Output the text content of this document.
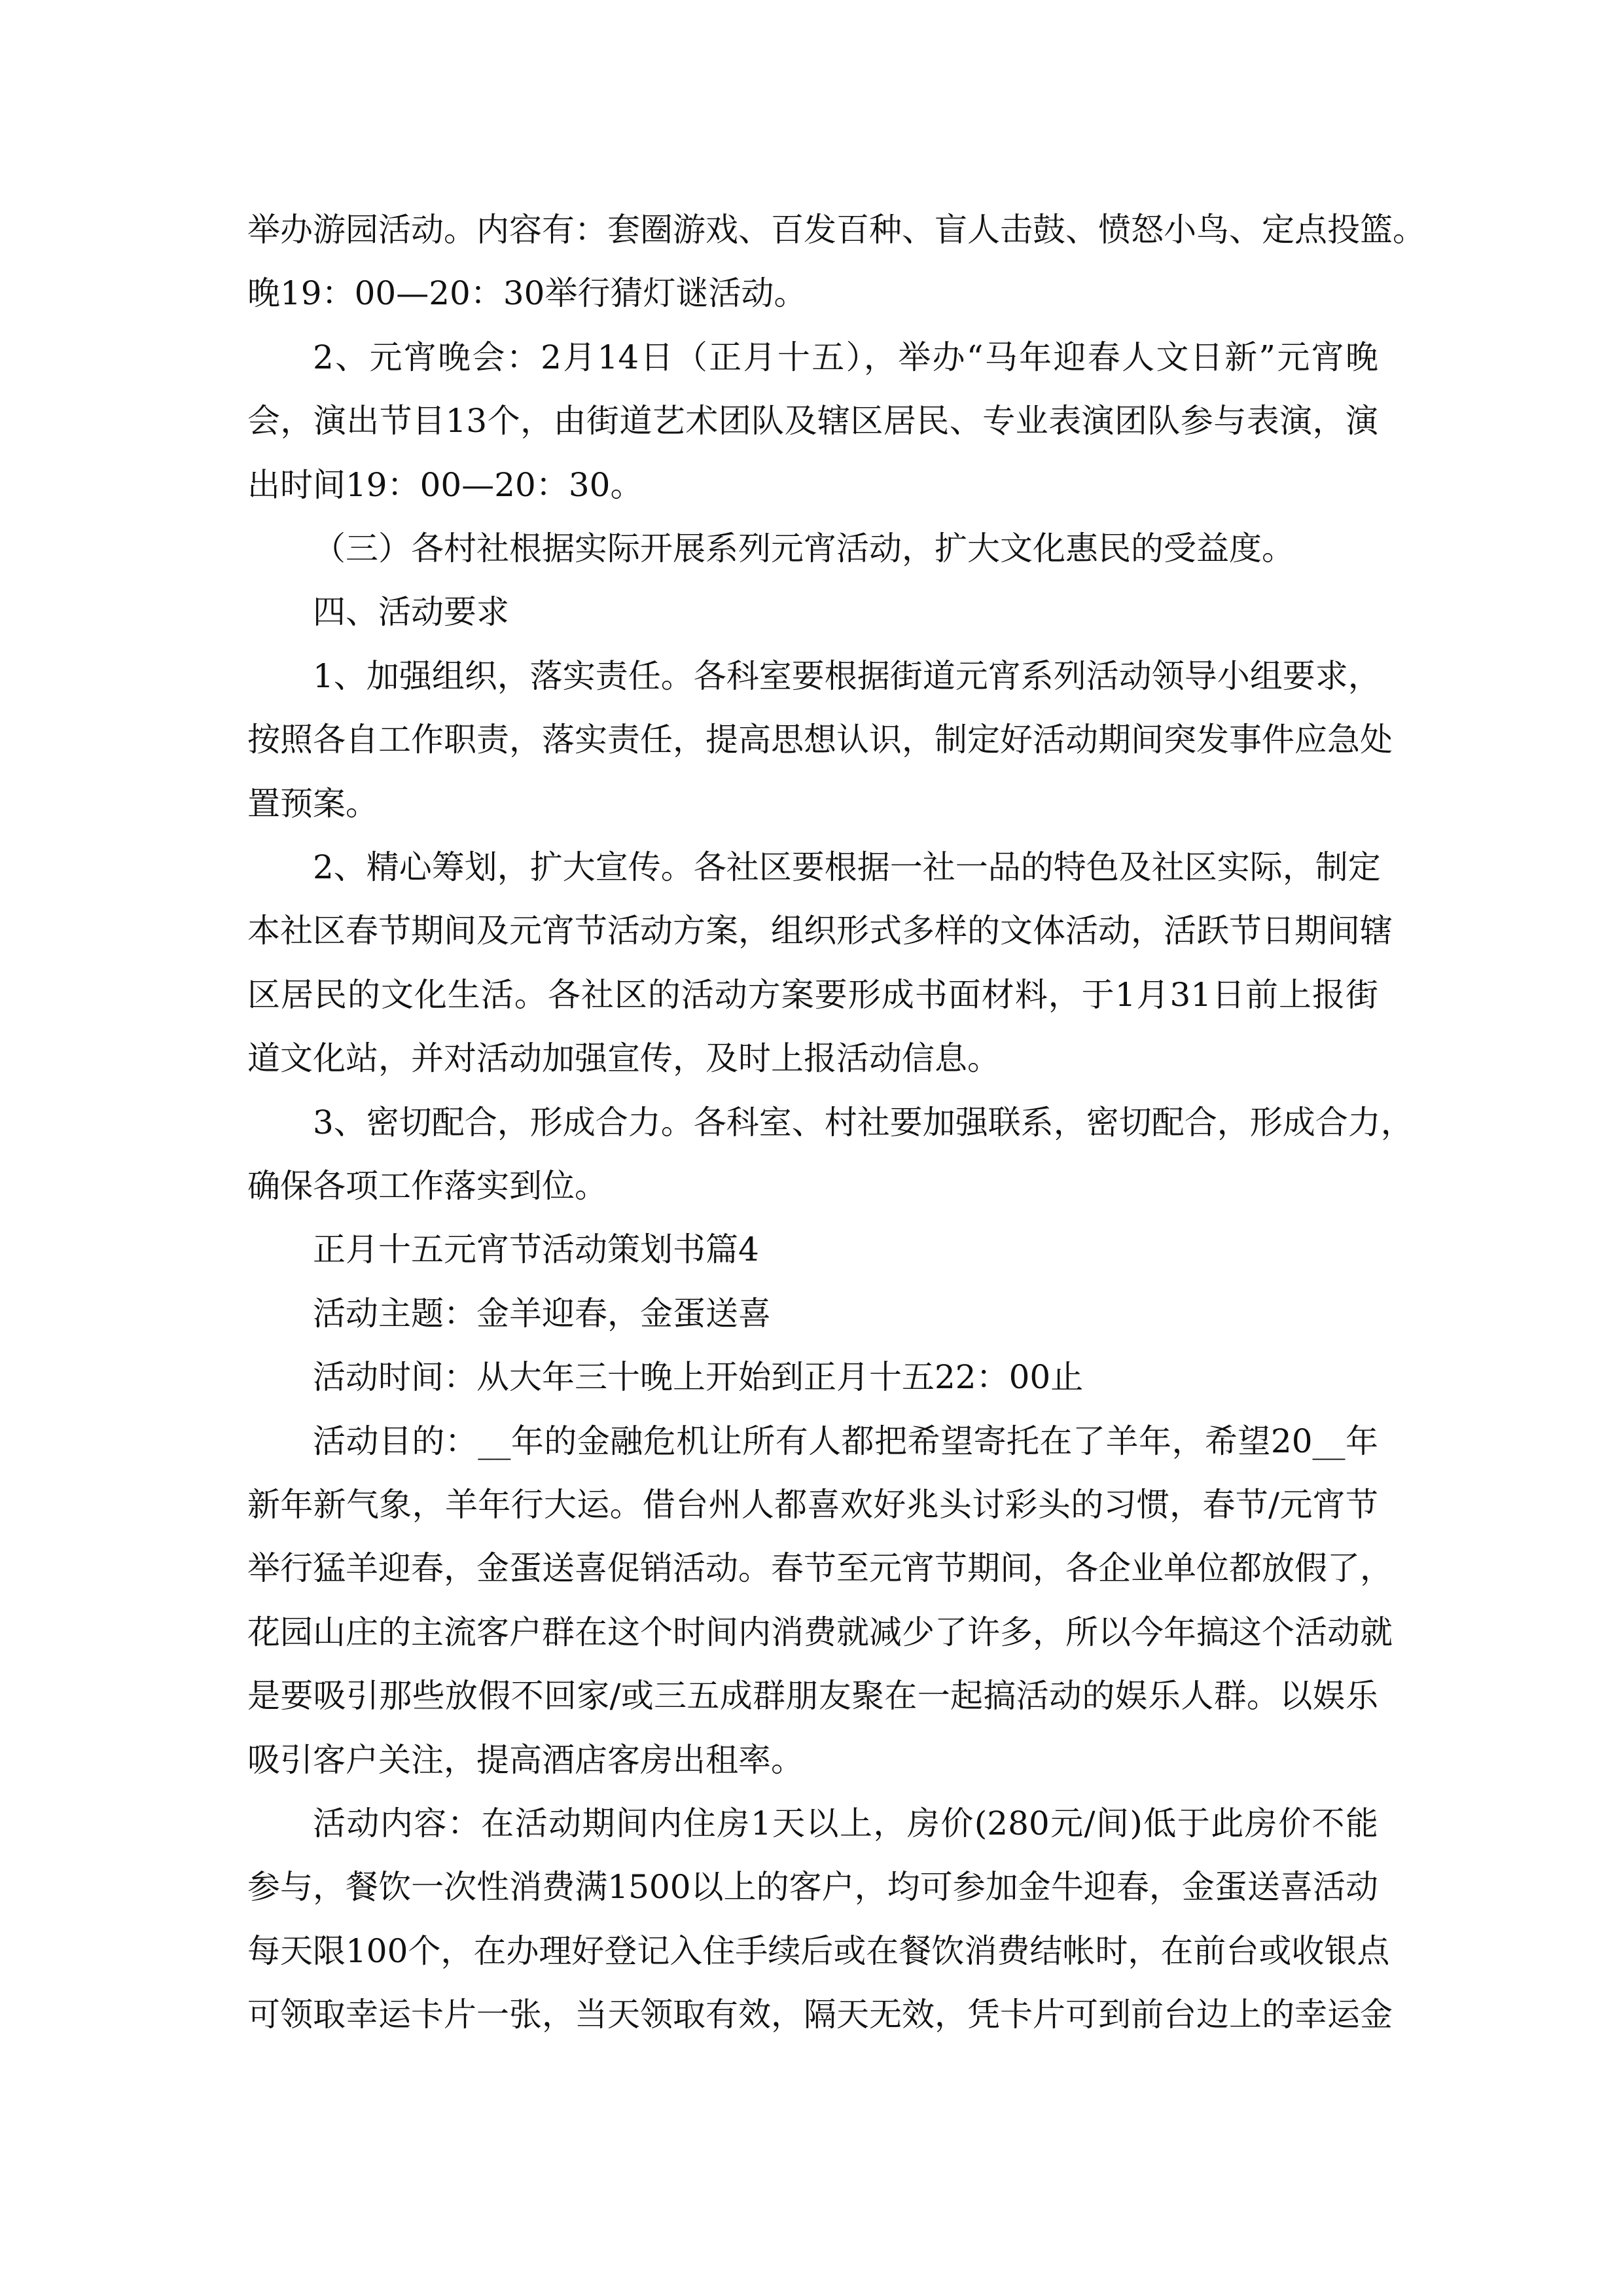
举办游园活动。内容有：套圈游戏、百发百种、盲人击鼓、愤怒小鸟、定点投篮。
晚19：00—20：30举行猜灯谜活动。
2、元宵晚会：2月14日（正月十五），举办“马年迎春人文日新”元宵晚
会，演出节目13个，由街道艺术团队及辖区居民、专业表演团队参与表演，演
出时间19：00—20：30。
（三）各村社根据实际开展系列元宵活动，扩大文化惠民的受益度。
四、活动要求
1、加强组织，落实责任。各科室要根据街道元宵系列活动领导小组要求，
按照各自工作职责，落实责任，提高思想认识，制定好活动期间突发事件应急处
置预案。
2、精心筹划，扩大宣传。各社区要根据一社一品的特色及社区实际，制定
本社区春节期间及元宵节活动方案，组织形式多样的文体活动，活跃节日期间辖
区居民的文化生活。各社区的活动方案要形成书面材料，于1月31日前上报街
道文化站，并对活动加强宣传，及时上报活动信息。
3、密切配合，形成合力。各科室、村社要加强联系，密切配合，形成合力，
确保各项工作落实到位。
正月十五元宵节活动策划书篇4
活动主题：金羊迎春，金蛋送喜
活动时间：从大年三十晚上开始到正月十五22：00止
活动目的：__年的金融危机让所有人都把希望寄托在了羊年，希望20__年
新年新气象，羊年行大运。借台州人都喜欢好兆头讨彩头的习惯，春节/元宵节
举行猛羊迎春，金蛋送喜促销活动。春节至元宵节期间，各企业单位都放假了，
花园山庄的主流客户群在这个时间内消费就减少了许多，所以今年搞这个活动就
是要吸引那些放假不回家/或三五成群朋友聚在一起搞活动的娱乐人群。以娱乐
吸引客户关注，提高酒店客房出租率。
活动内容：在活动期间内住房1天以上，房价(280元/间)低于此房价不能
参与，餐饮一次性消费满1500以上的客户，均可参加金牛迎春，金蛋送喜活动
每天限100个，在办理好登记入住手续后或在餐饮消费结帐时，在前台或收银点
可领取幸运卡片一张，当天领取有效，隔天无效，凭卡片可到前台边上的幸运金
